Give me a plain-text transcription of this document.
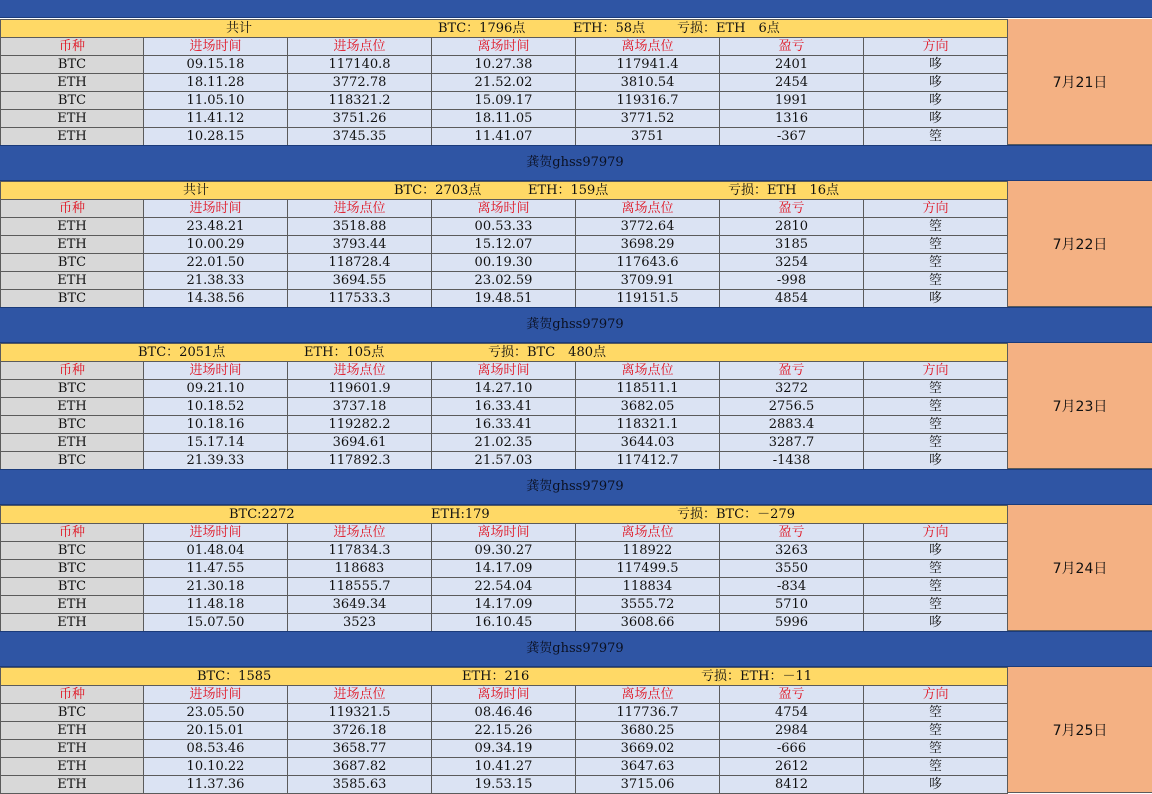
共计 BTC：1796点 ETH：58点 亏损：ETH　6点						

币种	进场时间	进场点位	离场时间	离场点位	盈亏	方向
BTC	09.15.18	117140.8	10.27.38	117941.4	2401	哆
ETH	18.11.28	3772.78	21.52.02	3810.54	2454	哆
BTC	11.05.10	118321.2	15.09.17	119316.7	1991	哆
ETH	11.41.12	3751.26	18.11.05	3771.52	1316	哆
ETH	10.28.15	3745.35	11.41.07	3751	-367	箜
7月21日
龚贺ghss97979
共计 BTC：2703点 ETH：159点 亏损：ETH　16点						

币种	进场时间	进场点位	离场时间	离场点位	盈亏	方向
ETH	23.48.21	3518.88	00.53.33	3772.64	2810	箜
ETH	10.00.29	3793.44	15.12.07	3698.29	3185	箜
BTC	22.01.50	118728.4	00.19.30	117643.6	3254	箜
ETH	21.38.33	3694.55	23.02.59	3709.91	-998	箜
BTC	14.38.56	117533.3	19.48.51	119151.5	4854	哆
7月22日
龚贺ghss97979
BTC：2051点 ETH：105点 亏损：BTC　480点						

币种	进场时间	进场点位	离场时间	离场点位	盈亏	方向
BTC	09.21.10	119601.9	14.27.10	118511.1	3272	箜
ETH	10.18.52	3737.18	16.33.41	3682.05	2756.5	箜
BTC	10.18.16	119282.2	16.33.41	118321.1	2883.4	箜
ETH	15.17.14	3694.61	21.02.35	3644.03	3287.7	箜
BTC	21.39.33	117892.3	21.57.03	117412.7	-1438	哆
7月23日
龚贺ghss97979
BTC:2272 ETH:179 亏损：BTC：－279						

币种	进场时间	进场点位	离场时间	离场点位	盈亏	方向
BTC	01.48.04	117834.3	09.30.27	118922	3263	哆
BTC	11.47.55	118683	14.17.09	117499.5	3550	箜
BTC	21.30.18	118555.7	22.54.04	118834	-834	箜
ETH	11.48.18	3649.34	14.17.09	3555.72	5710	箜
ETH	15.07.50	3523	16.10.45	3608.66	5996	哆
7月24日
龚贺ghss97979
BTC：1585 ETH：216 亏损：ETH：－11						

币种	进场时间	进场点位	离场时间	离场点位	盈亏	方向
BTC	23.05.50	119321.5	08.46.46	117736.7	4754	箜
ETH	20.15.01	3726.18	22.15.26	3680.25	2984	箜
ETH	08.53.46	3658.77	09.34.19	3669.02	-666	箜
ETH	10.10.22	3687.82	10.41.27	3647.63	2612	箜
ETH	11.37.36	3585.63	19.53.15	3715.06	8412	哆
7月25日
